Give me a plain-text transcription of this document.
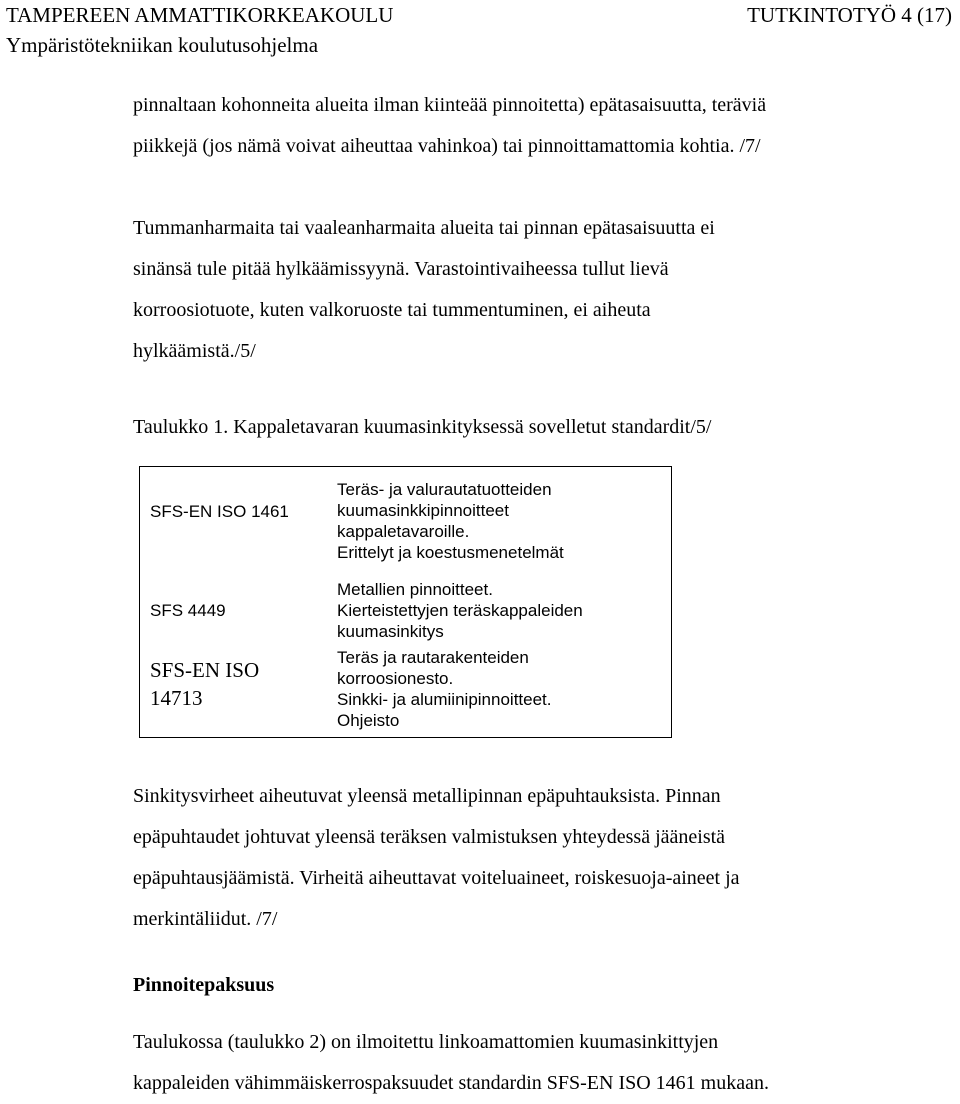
TAMPEREEN AMMATTIKORKEAKOULU	TUTKINTOTYÖ 4 (17)
Ympäristötekniikan koulutusohjelma

pinnaltaan kohonneita alueita ilman kiinteää pinnoitetta) epätasaisuutta, teräviä
piikkejä (jos nämä voivat aiheuttaa vahinkoa) tai pinnoittamattomia kohtia. /7/

Tummanharmaita tai vaaleanharmaita alueita tai pinnan epätasaisuutta ei
sinänsä tule pitää hylkäämissyynä. Varastointivaiheessa tullut lievä
korroosiotuote, kuten valkoruoste tai tummentuminen, ei aiheuta
hylkäämistä./5/

Taulukko 1. Kappaletavaran kuumasinkityksessä sovelletut standardit/5/

SFS-EN ISO 1461
SFS 4449
SFS-EN ISO
14713
Teräs- ja valurautatuotteiden
kuumasinkkipinnoitteet
kappaletavaroille.
Erittelyt ja koestusmenetelmät
Metallien pinnoitteet.
Kierteistettyjen teräskappaleiden
kuumasinkitys
Teräs ja rautarakenteiden
korroosionesto.
Sinkki- ja alumiinipinnoitteet.
Ohjeisto

Sinkitysvirheet aiheutuvat yleensä metallipinnan epäpuhtauksista. Pinnan
epäpuhtaudet johtuvat yleensä teräksen valmistuksen yhteydessä jääneistä
epäpuhtausjäämistä. Virheitä aiheuttavat voiteluaineet, roiskesuoja-aineet ja
merkintäliidut. /7/

Pinnoitepaksuus

Taulukossa (taulukko 2) on ilmoitettu linkoamattomien kuumasinkittyjen
kappaleiden vähimmäiskerrospaksuudet standardin SFS-EN ISO 1461 mukaan.
